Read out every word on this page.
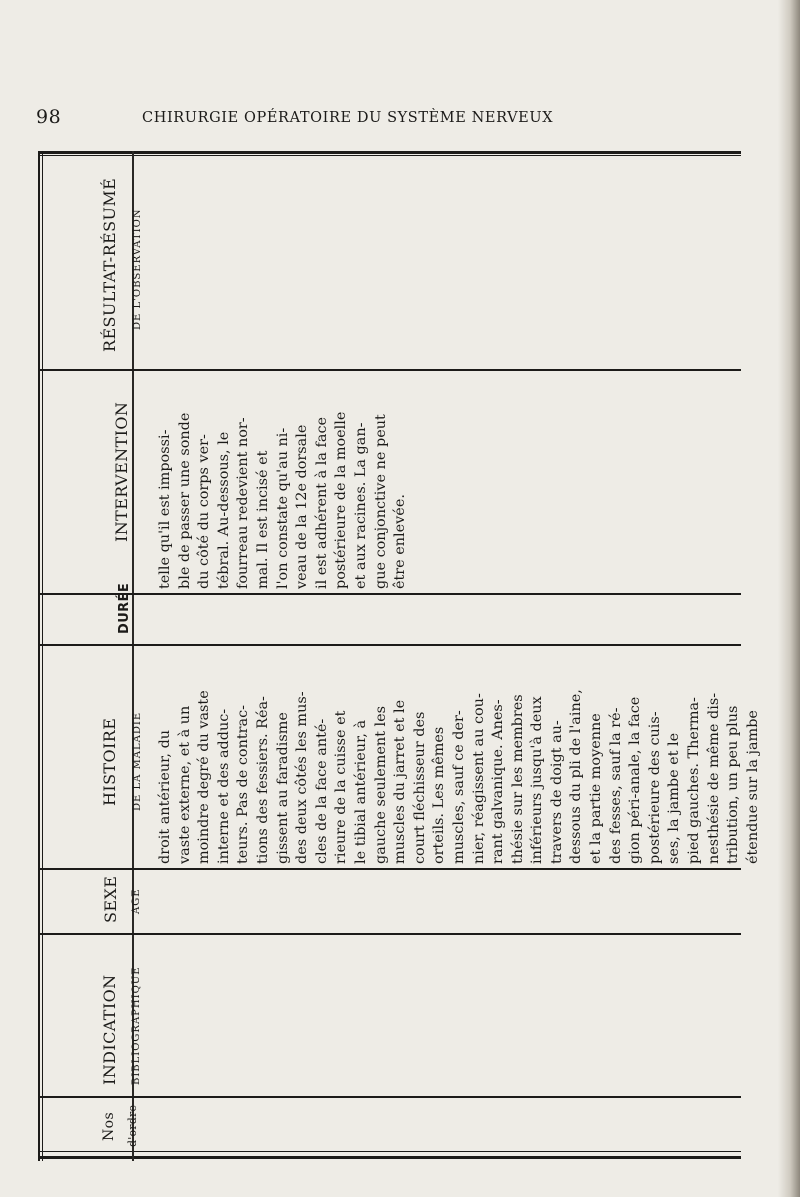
98	CHIRURGIE OPÉRATOIRE DU SYSTÈME NERVEUX
RÉSULTAT-RÉSUMÉ DE L'OBSERVATION
INTERVENTION
DURÉE
HISTOIRE DE LA MALADIE
SEXE AGE
INDICATION BIBLIOGRAPHIQUE
Nos d'ordre
droit antérieur, du vaste externe, et à un moindre degré du vaste interne et des adduc- teurs. Pas de contrac- tions des fessiers. Réa- gissent au faradisme des deux côtés les mus- cles de la face anté- rieure de la cuisse et le tibial antérieur, à gauche seulement les muscles du jarret et le court fléchisseur des orteils. Les mêmes muscles, sauf ce der- nier, réagissent au cou- rant galvanique. Anes- thésie sur les membres inférieurs jusqu'à deux travers de doigt au- dessous du pli de l'aine, et la partie moyenne des fesses, sauf la ré- gion péri-anale, la face postérieure des cuis- ses, la jambe et le pied gauches. Therma- nesthésie de même dis- tribution, un peu plus étendue sur la jambe
telle qu'il est impossi- ble de passer une sonde du côté du corps ver- tébral. Au-dessous, le fourreau redevient nor- mal. Il est incisé et l'on constate qu'au ni- veau de la 12e dorsale il est adhérent à la face postérieure de la moelle et aux racines. La gan- gue conjonctive ne peut être enlevée.
